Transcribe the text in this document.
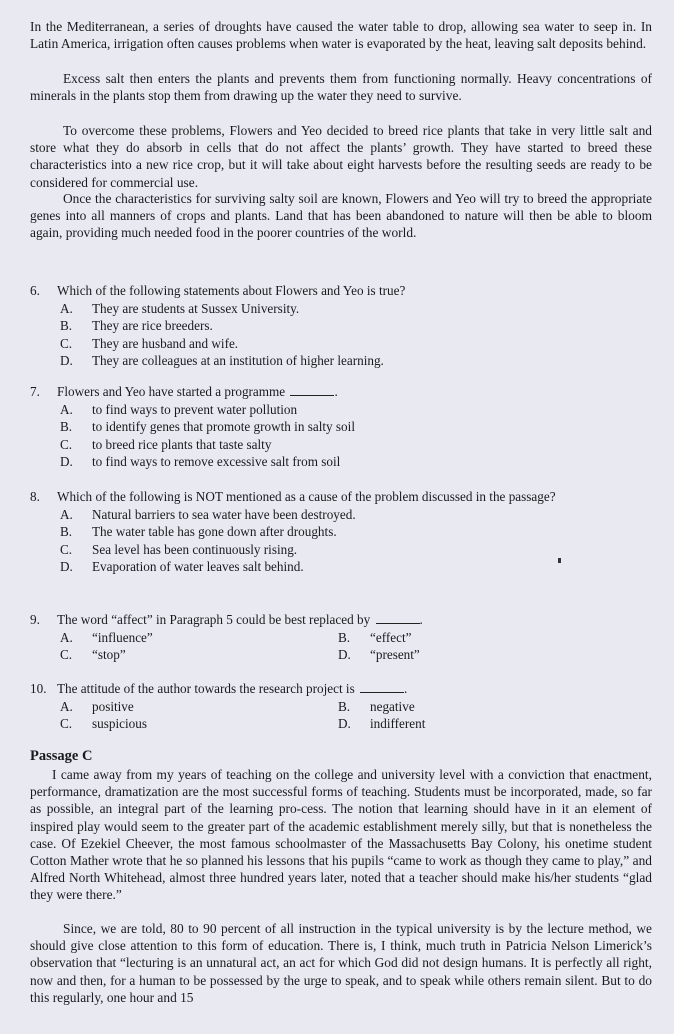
In the Mediterranean, a series of droughts have caused the water table to drop, allowing sea water to seep in. In Latin America, irrigation often causes problems when water is evaporated by the heat, leaving salt deposits behind.

Excess salt then enters the plants and prevents them from functioning normally. Heavy concentrations of minerals in the plants stop them from drawing up the water they need to survive.

To overcome these problems, Flowers and Yeo decided to breed rice plants that take in very little salt and store what they do absorb in cells that do not affect the plants’ growth. They have started to breed these characteristics into a new rice crop, but it will take about eight harvests before the resulting seeds are ready to be considered for commercial use.

Once the characteristics for surviving salty soil are known, Flowers and Yeo will try to breed the appropriate genes into all manners of crops and plants. Land that has been abandoned to nature will then be able to bloom again, providing much needed food in the poorer countries of the world.

6.	Which of the following statements about Flowers and Yeo is true?
A.	They are students at Sussex University.
B.	They are rice breeders.
C.	They are husband and wife.
D.	They are colleagues at an institution of higher learning.
7.	Flowers and Yeo have started a programme	.
A.	to find ways to prevent water pollution
B.	to identify genes that promote growth in salty soil
C.	to breed rice plants that taste salty
D.	to find ways to remove excessive salt from soil
8.	Which of the following is NOT mentioned as a cause of the problem discussed in the passage?
A.	Natural barriers to sea water have been destroyed.
B.	The water table has gone down after droughts.
C.	Sea level has been continuously rising.
D.	Evaporation of water leaves salt behind.
9.	The word “affect” in Paragraph 5 could be best replaced by	.
A.	“influence”	B.	“effect”
C.	“stop”	D.	“present”
10. The attitude of the author towards the research project is	.
A.	positive	B.	negative
C.	suspicious	D.	indifferent
Passage C

I came away from my years of teaching on the college and university level with a conviction that enactment, performance, dramatization are the most successful forms of teaching. Students must be incorporated, made, so far as possible, an integral part of the learning pro-cess. The notion that learning should have in it an element of inspired play would seem to the greater part of the academic establishment merely silly, but that is nonetheless the case. Of Ezekiel Cheever, the most famous schoolmaster of the Massachusetts Bay Colony, his onetime student Cotton Mather wrote that he so planned his lessons that his pupils “came to work as though they came to play,” and Alfred North Whitehead, almost three hundred years later, noted that a teacher should make his/her students “glad they were there.”

Since, we are told, 80 to 90 percent of all instruction in the typical university is by the lecture method, we should give close attention to this form of education. There is, I think, much truth in Patricia Nelson Limerick’s observation that “lecturing is an unnatural act, an act for which God did not design humans. It is perfectly all right, now and then, for a human to be possessed by the urge to speak, and to speak while others remain silent. But to do this regularly, one hour and 15
